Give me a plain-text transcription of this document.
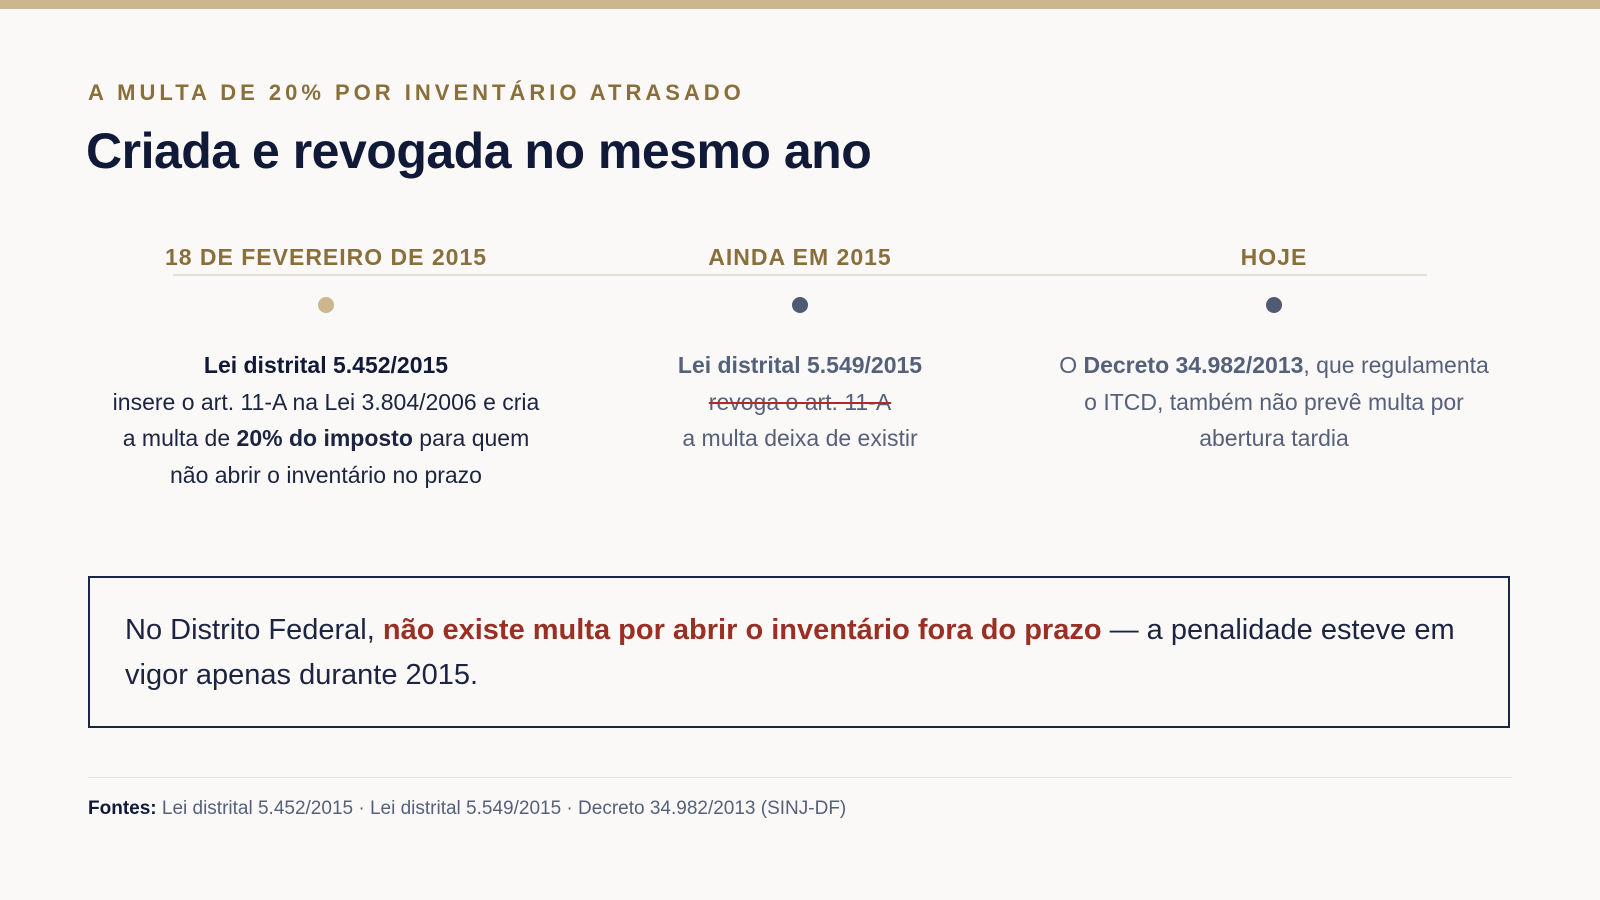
A MULTA DE 20% POR INVENTÁRIO ATRASADO
Criada e revogada no mesmo ano
18 DE FEVEREIRO DE 2015
Lei distrital 5.452/2015
insere o art. 11-A na Lei 3.804/2006 e cria a multa de 20% do imposto para quem não abrir o inventário no prazo
AINDA EM 2015
Lei distrital 5.549/2015
revoga o art. 11-A
a multa deixa de existir
HOJE
O Decreto 34.982/2013, que regulamenta o ITCD, também não prevê multa por abertura tardia
No Distrito Federal, não existe multa por abrir o inventário fora do prazo — a penalidade esteve em vigor apenas durante 2015.
Fontes: Lei distrital 5.452/2015 · Lei distrital 5.549/2015 · Decreto 34.982/2013 (SINJ-DF)
